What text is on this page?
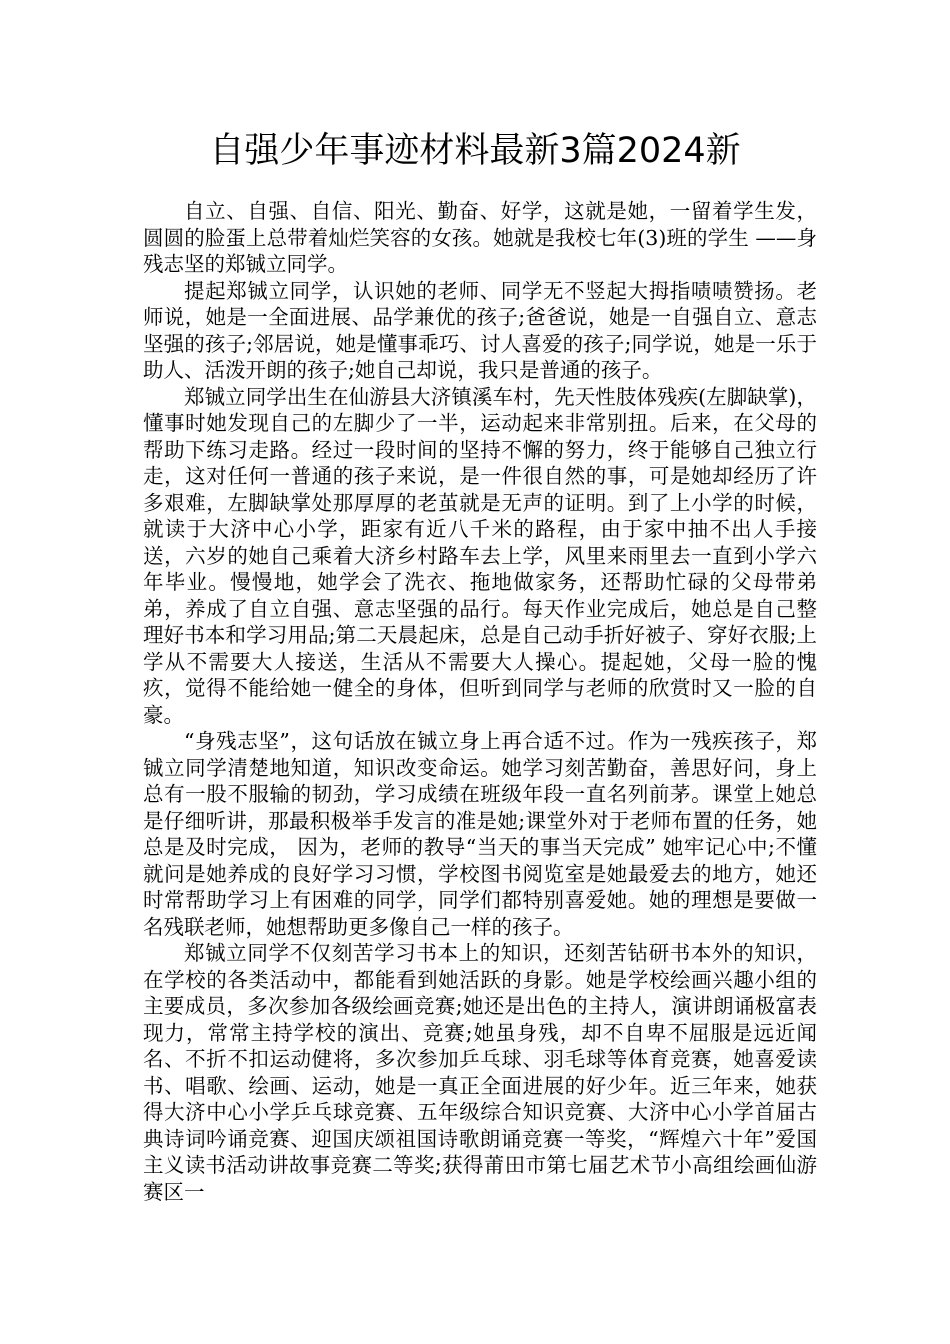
自强少年事迹材料最新3篇2024新

自立、自强、自信、阳光、勤奋、好学，这就是她，一留着学生发，圆圆的脸蛋上总带着灿烂笑容的女孩。她就是我校七年(3)班的学生 ——身残志坚的郑铖立同学。

提起郑铖立同学，认识她的老师、同学无不竖起大拇指啧啧赞扬。老师说，她是一全面进展、品学兼优的孩子;爸爸说，她是一自强自立、意志坚强的孩子;邻居说，她是懂事乖巧、讨人喜爱的孩子;同学说，她是一乐于助人、活泼开朗的孩子;她自己却说，我只是普通的孩子。

郑铖立同学出生在仙游县大济镇溪车村，先天性肢体残疾(左脚缺掌)，懂事时她发现自己的左脚少了一半，运动起来非常别扭。后来，在父母的帮助下练习走路。经过一段时间的坚持不懈的努力，终于能够自己独立行走，这对任何一普通的孩子来说，是一件很自然的事，可是她却经历了许多艰难，左脚缺掌处那厚厚的老茧就是无声的证明。到了上小学的时候，就读于大济中心小学，距家有近八千米的路程，由于家中抽不出人手接送，六岁的她自己乘着大济乡村路车去上学，风里来雨里去一直到小学六年毕业。慢慢地，她学会了洗衣、拖地做家务，还帮助忙碌的父母带弟弟，养成了自立自强、意志坚强的品行。每天作业完成后，她总是自己整理好书本和学习用品;第二天晨起床，总是自己动手折好被子、穿好衣服;上学从不需要大人接送，生活从不需要大人操心。提起她，父母一脸的愧疚，觉得不能给她一健全的身体，但听到同学与老师的欣赏时又一脸的自豪。

“身残志坚”，这句话放在铖立身上再合适不过。作为一残疾孩子，郑铖立同学清楚地知道，知识改变命运。她学习刻苦勤奋，善思好问，身上总有一股不服输的韧劲，学习成绩在班级年段一直名列前茅。课堂上她总是仔细听讲，那最积极举手发言的准是她;课堂外对于老师布置的任务，她总是及时完成， 因为，老师的教导“当天的事当天完成” 她牢记心中;不懂就问是她养成的良好学习习惯，学校图书阅览室是她最爱去的地方，她还时常帮助学习上有困难的同学，同学们都特别喜爱她。她的理想是要做一名残联老师，她想帮助更多像自己一样的孩子。

郑铖立同学不仅刻苦学习书本上的知识，还刻苦钻研书本外的知识，在学校的各类活动中，都能看到她活跃的身影。她是学校绘画兴趣小组的主要成员，多次参加各级绘画竞赛;她还是出色的主持人，演讲朗诵极富表现力，常常主持学校的演出、竞赛;她虽身残，却不自卑不屈服是远近闻名、不折不扣运动健将，多次参加乒乓球、羽毛球等体育竞赛，她喜爱读书、唱歌、绘画、运动，她是一真正全面进展的好少年。近三年来，她获得大济中心小学乒乓球竞赛、五年级综合知识竞赛、大济中心小学首届古典诗词吟诵竞赛、迎国庆颂祖国诗歌朗诵竞赛一等奖，“辉煌六十年”爱国主义读书活动讲故事竞赛二等奖;获得莆田市第七届艺术节小高组绘画仙游赛区一
